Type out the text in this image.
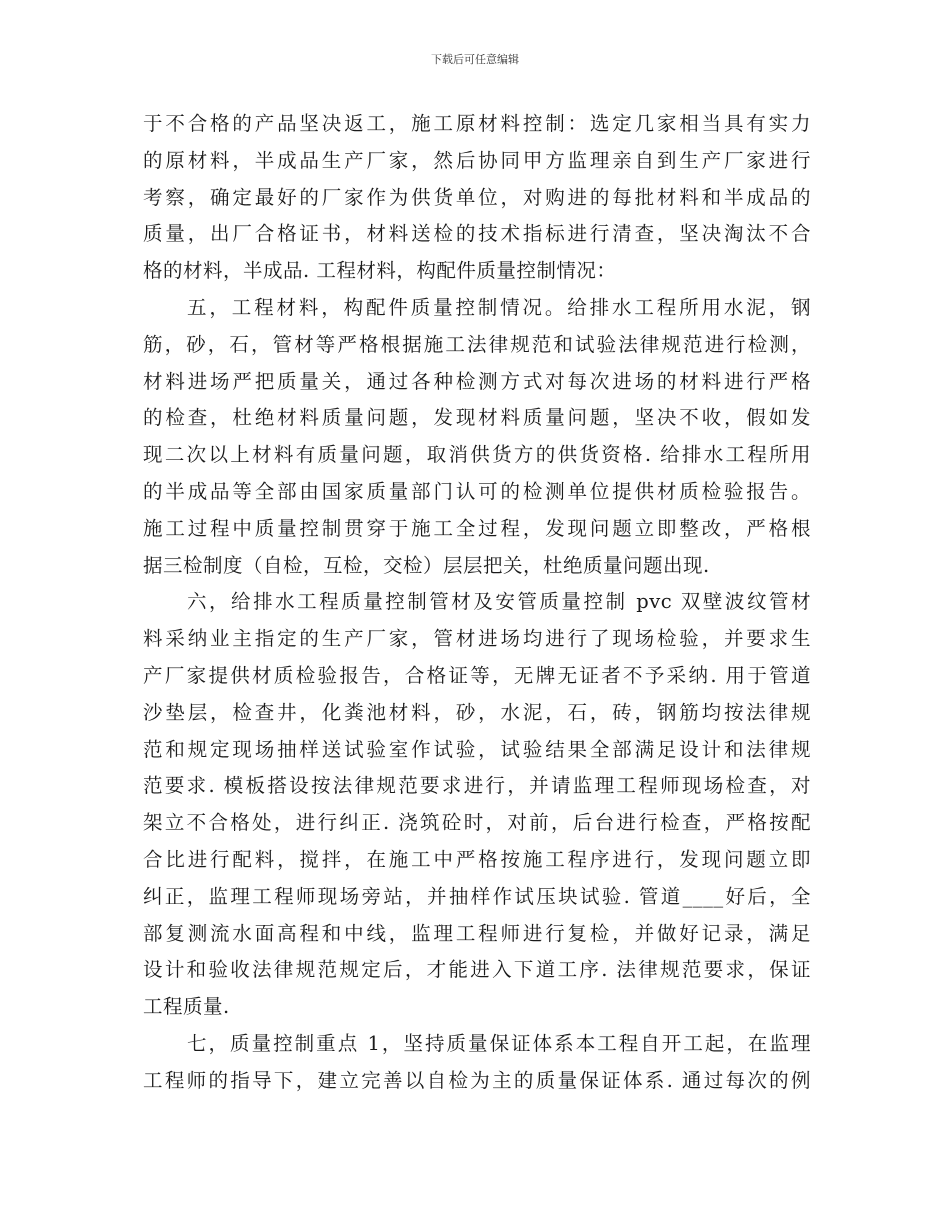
下载后可任意编辑
于不合格的产品坚决返工，施工原材料控制：选定几家相当具有实力
的原材料，半成品生产厂家，然后协同甲方监理亲自到生产厂家进行
考察，确定最好的厂家作为供货单位，对购进的每批材料和半成品的
质量，出厂合格证书，材料送检的技术指标进行清查，坚决淘汰不合
格的材料，半成品. 工程材料，构配件质量控制情况：
五，工程材料，构配件质量控制情况。给排水工程所用水泥，钢
筋，砂，石，管材等严格根据施工法律规范和试验法律规范进行检测，
材料进场严把质量关，通过各种检测方式对每次进场的材料进行严格
的检查，杜绝材料质量问题，发现材料质量问题，坚决不收，假如发
现二次以上材料有质量问题，取消供货方的供货资格. 给排水工程所用
的半成品等全部由国家质量部门认可的检测单位提供材质检验报告。
施工过程中质量控制贯穿于施工全过程，发现问题立即整改，严格根
据三检制度（自检，互检，交检）层层把关，杜绝质量问题出现.
六，给排水工程质量控制管材及安管质量控制 pvc 双壁波纹管材
料采纳业主指定的生产厂家，管材进场均进行了现场检验，并要求生
产厂家提供材质检验报告，合格证等，无牌无证者不予采纳. 用于管道
沙垫层，检查井，化粪池材料，砂，水泥，石，砖，钢筋均按法律规
范和规定现场抽样送试验室作试验，试验结果全部满足设计和法律规
范要求. 模板搭设按法律规范要求进行，并请监理工程师现场检查，对
架立不合格处，进行纠正. 浇筑砼时，对前，后台进行检查，严格按配
合比进行配料，搅拌，在施工中严格按施工程序进行，发现问题立即
纠正，监理工程师现场旁站，并抽样作试压块试验. 管道____好后，全
部复测流水面高程和中线，监理工程师进行复检，并做好记录，满足
设计和验收法律规范规定后，才能进入下道工序. 法律规范要求，保证
工程质量.
七，质量控制重点 1，坚持质量保证体系本工程自开工起，在监理
工程师的指导下，建立完善以自检为主的质量保证体系. 通过每次的例
